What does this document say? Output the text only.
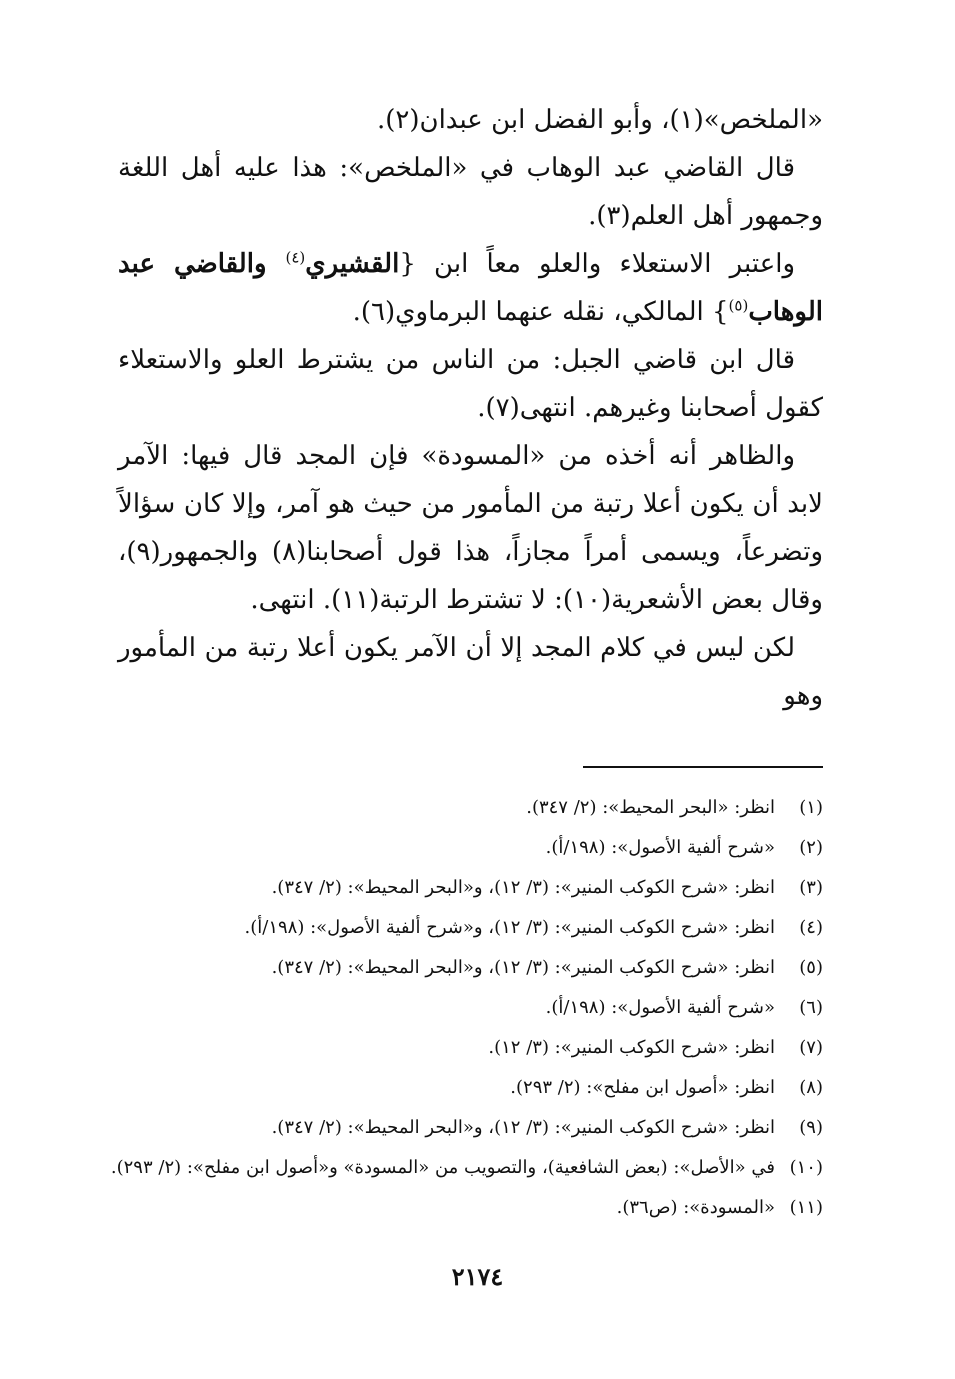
«الملخص»(١)، وأبو الفضل ابن عبدان(٢).

قال القاضي عبد الوهاب في «الملخص»: هذا عليه أهل اللغة وجمهور أهل العلم(٣).

واعتبر الاستعلاء والعلو معاً ابن {القشيري$^{(٤)}$ والقاضي عبد الوهاب$^{(٥)}$} المالكي، نقله عنهما البرماوي(٦).

قال ابن قاضي الجبل: من الناس من يشترط العلو والاستعلاء كقول أصحابنا وغيرهم. انتهى(٧).

والظاهر أنه أخذه من «المسودة» فإن المجد قال فيها: الآمر لابد أن يكون أعلا رتبة من المأمور من حيث هو آمر، وإلا كان سؤالاً وتضرعاً، ويسمى أمراً مجازاً، هذا قول أصحابنا(٨) والجمهور(٩)، وقال بعض الأشعرية(١٠): لا تشترط الرتبة(١١). انتهى.

لكن ليس في كلام المجد إلا أن الآمر يكون أعلا رتبة من المأمور وهو

(١)
انظر: «البحر المحيط»: (٢/ ٣٤٧).
(٢)
«شرح ألفية الأصول»: (١٩٨/أ).
(٣)
انظر: «شرح الكوكب المنير»: (٣/ ١٢)، و«البحر المحيط»: (٢/ ٣٤٧).
(٤)
انظر: «شرح الكوكب المنير»: (٣/ ١٢)، و«شرح ألفية الأصول»: (١٩٨/أ).
(٥)
انظر: «شرح الكوكب المنير»: (٣/ ١٢)، و«البحر المحيط»: (٢/ ٣٤٧).
(٦)
«شرح ألفية الأصول»: (١٩٨/أ).
(٧)
انظر: «شرح الكوكب المنير»: (٣/ ١٢).
(٨)
انظر: «أصول ابن مفلح»: (٢/ ٢٩٣).
(٩)
انظر: «شرح الكوكب المنير»: (٣/ ١٢)، و«البحر المحيط»: (٢/ ٣٤٧).
(١٠)
في «الأصل»: (بعض الشافعية)، والتصويب من «المسودة» و«أصول ابن مفلح»: (٢/ ٢٩٣).
(١١)
«المسودة»: (ص٣٦).
٢١٧٤
